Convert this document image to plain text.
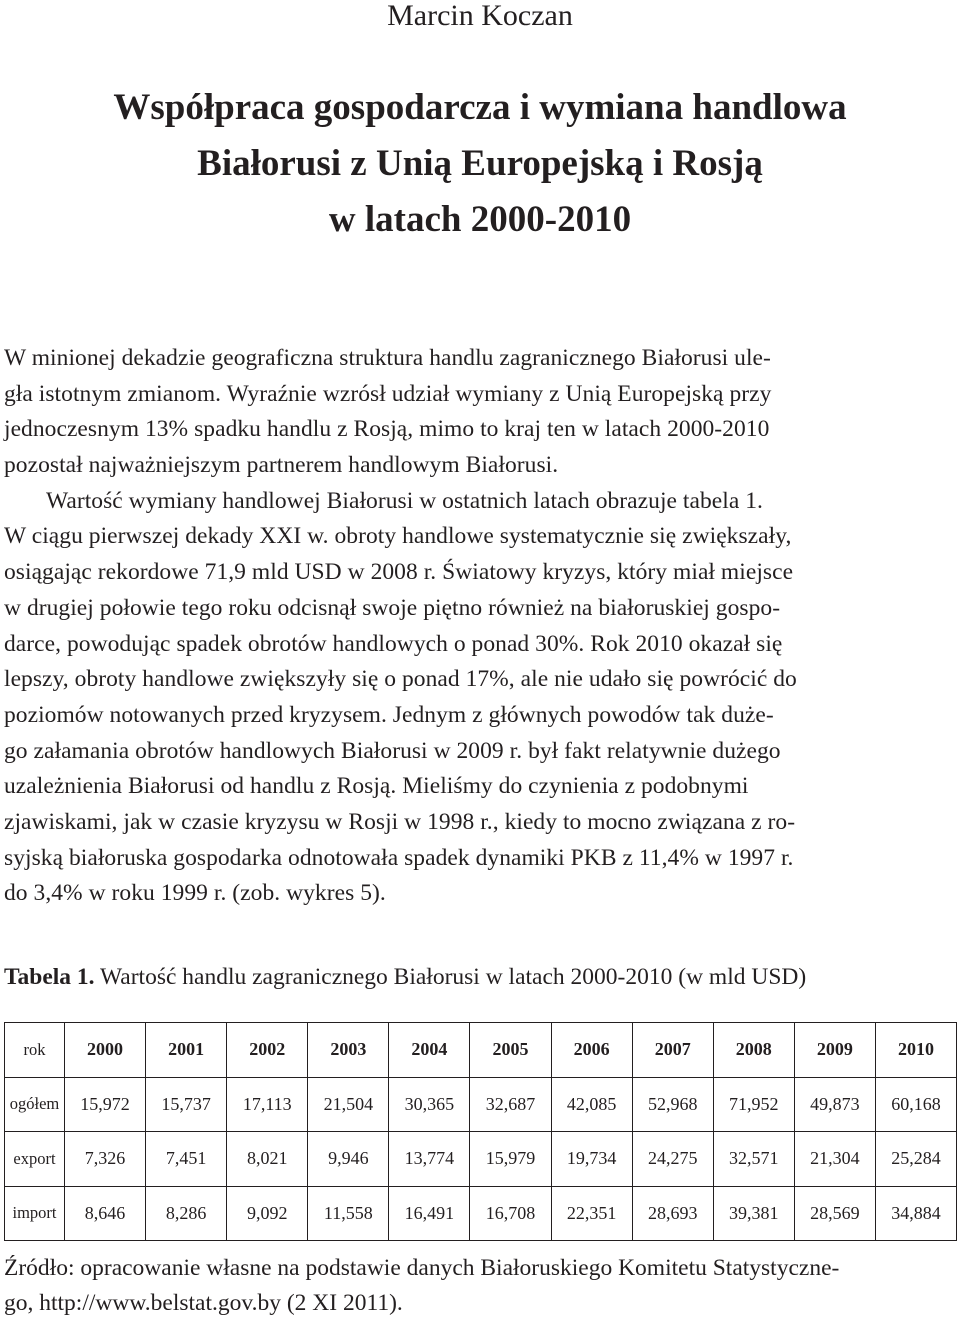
Marcin Koczan
Współpraca gospodarcza i wymiana handlowa
Białorusi z Unią Europejską i Rosją
w latach 2000-2010
W minionej dekadzie geograficzna struktura handlu zagranicznego Białorusi ule-
gła istotnym zmianom. Wyraźnie wzrósł udział wymiany z Unią Europejską przy
jednoczesnym 13% spadku handlu z Rosją, mimo to kraj ten w latach 2000-2010
pozostał najważniejszym partnerem handlowym Białorusi.
Wartość wymiany handlowej Białorusi w ostatnich latach obrazuje tabela 1.
W ciągu pierwszej dekady XXI w. obroty handlowe systematycznie się zwiększały,
osiągając rekordowe 71,9 mld USD w 2008 r. Światowy kryzys, który miał miejsce
w drugiej połowie tego roku odcisnął swoje piętno również na białoruskiej gospo-
darce, powodując spadek obrotów handlowych o ponad 30%. Rok 2010 okazał się
lepszy, obroty handlowe zwiększyły się o ponad 17%, ale nie udało się powrócić do
poziomów notowanych przed kryzysem. Jednym z głównych powodów tak duże-
go załamania obrotów handlowych Białorusi w 2009 r. był fakt relatywnie dużego
uzależnienia Białorusi od handlu z Rosją. Mieliśmy do czynienia z podobnymi
zjawiskami, jak w czasie kryzysu w Rosji w 1998 r., kiedy to mocno związana z ro-
syjską białoruska gospodarka odnotowała spadek dynamiki PKB z 11,4% w 1997 r.
do 3,4% w roku 1999 r. (zob. wykres 5).
Tabela 1. Wartość handlu zagranicznego Białorusi w latach 2000-2010 (w mld USD)
rok	2000	2001	2002	2003	2004	2005	2006	2007	2008	2009	2010
ogółem	15,972	15,737	17,113	21,504	30,365	32,687	42,085	52,968	71,952	49,873	60,168
export	7,326	7,451	8,021	9,946	13,774	15,979	19,734	24,275	32,571	21,304	25,284
import	8,646	8,286	9,092	11,558	16,491	16,708	22,351	28,693	39,381	28,569	34,884
Źródło: opracowanie własne na podstawie danych Białoruskiego Komitetu Statystyczne-
go, http://www.belstat.gov.by (2 XI 2011).
